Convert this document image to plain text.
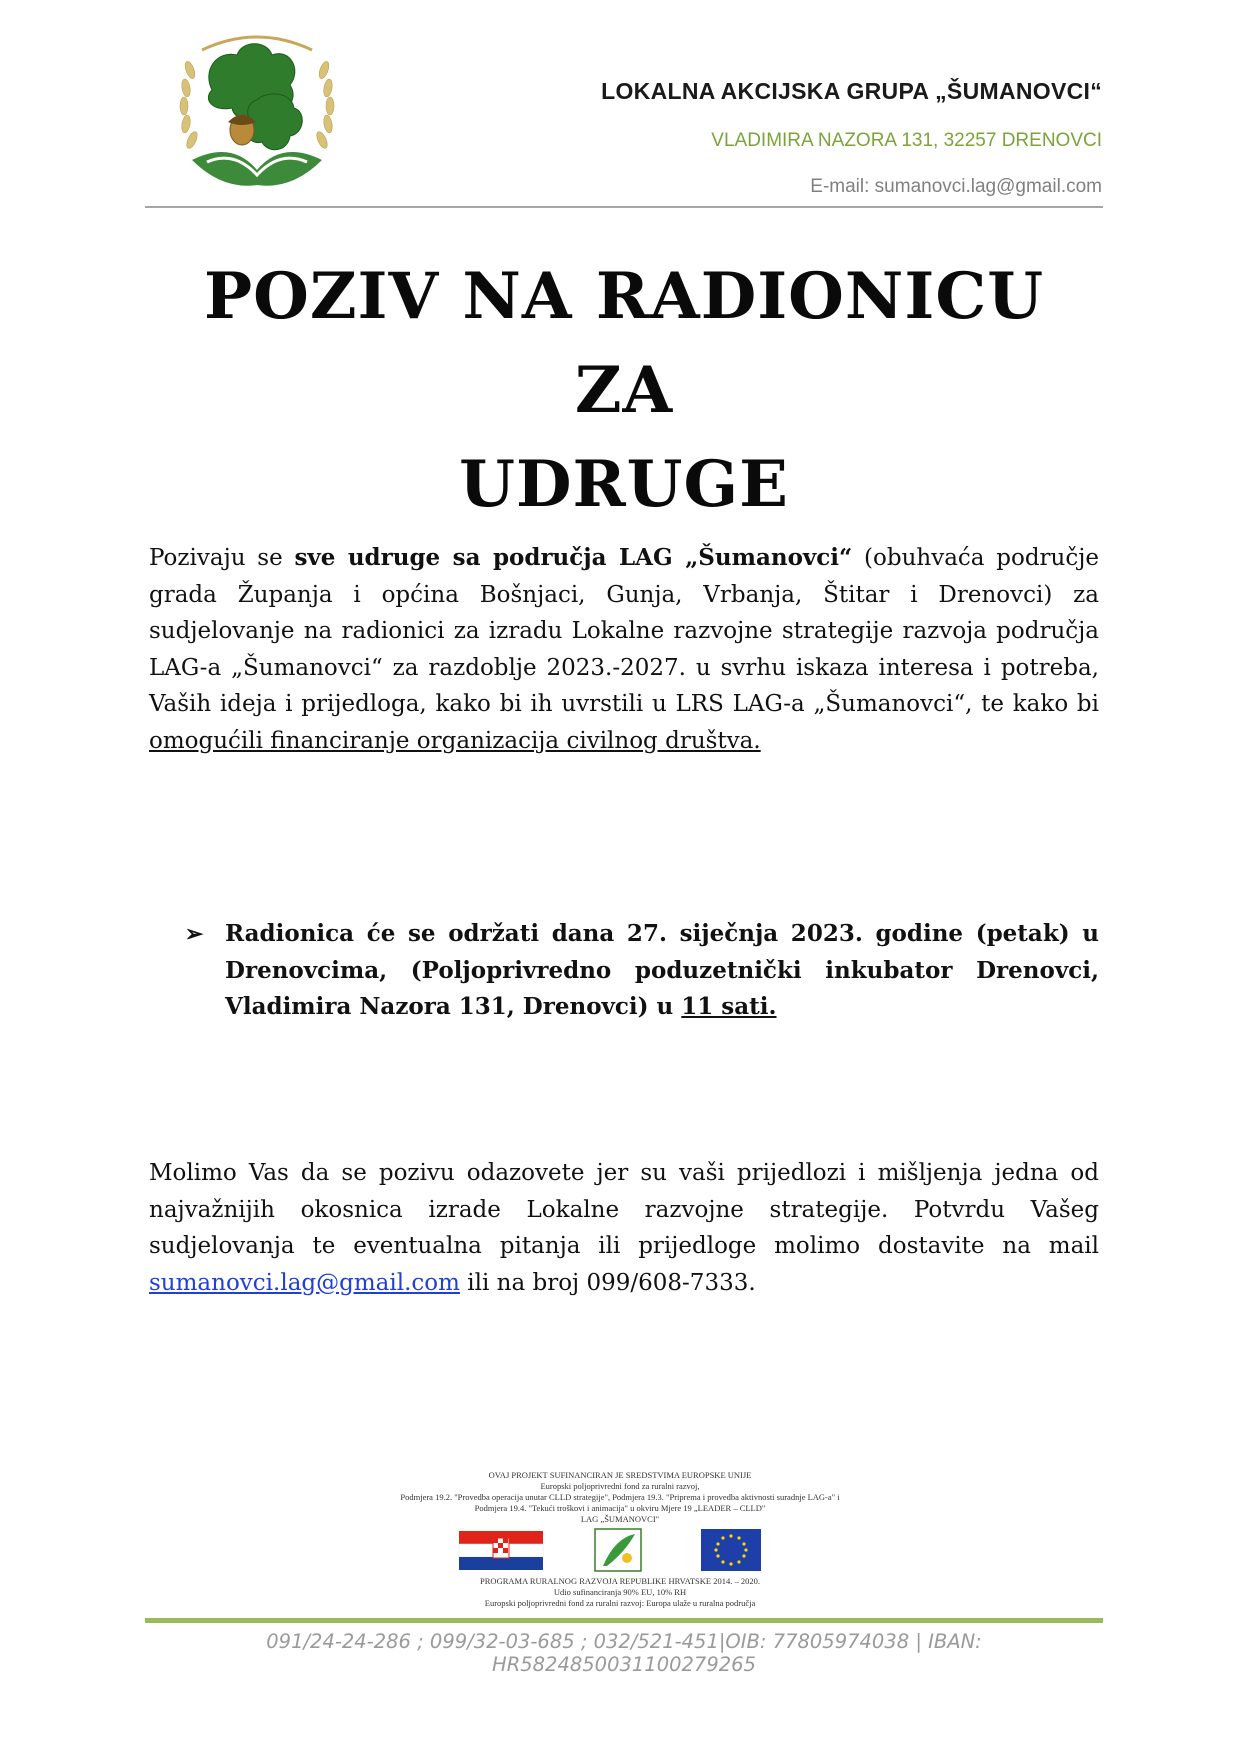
LOKALNA AKCIJSKA GRUPA „ŠUMANOVCI“
VLADIMIRA NAZORA 131, 32257 DRENOVCI
E-mail: sumanovci.lag@gmail.com
POZIV NA RADIONICU ZA
UDRUGE

Pozivaju se sve udruge sa područja LAG „Šumanovci“ (obuhvaća područje grada Županja i općina Bošnjaci, Gunja, Vrbanja, Štitar i Drenovci) za sudjelovanje na radionici za izradu Lokalne razvojne strategije razvoja područja LAG-a „Šumanovci“ za razdoblje 2023.-2027. u svrhu iskaza interesa i potreba, Vaših ideja i prijedloga, kako bi ih uvrstili u LRS LAG-a „Šumanovci“, te kako bi omogućili financiranje organizacija civilnog društva.

➢ Radionica će se održati dana 27. siječnja 2023. godine (petak) u Drenovcima, (Poljoprivredno poduzetnički inkubator Drenovci, Vladimira Nazora 131, Drenovci) u 11 sati.

Molimo Vas da se pozivu odazovete jer su vaši prijedlozi i mišljenja jedna od najvažnijih okosnica izrade Lokalne razvojne strategije. Potvrdu Vašeg sudjelovanja te eventualna pitanja ili prijedloge molimo dostavite na mail sumanovci.lag@gmail.com ili na broj 099/608-7333.

OVAJ PROJEKT SUFINANCIRAN JE SREDSTVIMA EUROPSKE UNIJE

Europski poljoprivredni fond za ruralni razvoj,

Podmjera 19.2. "Provedba operacija unutar CLLD strategije", Podmjera 19.3. "Priprema i provedba aktivnosti suradnje LAG-a" i

Podmjera 19.4. "Tekući troškovi i animacija" u okviru Mjere 19 „LEADER – CLLD"

LAG „ŠUMANOVCI"

PROGRAMA RURALNOG RAZVOJA REPUBLIKE HRVATSKE 2014. – 2020.
Udio sufinanciranja 90% EU, 10% RH
Europski poljoprivredni fond za ruralni razvoj: Europa ulaže u ruralna područja
091/24-24-286 ; 099/32-03-685 ; 032/521-451|OIB: 77805974038 | IBAN: HR5824850031100279265
